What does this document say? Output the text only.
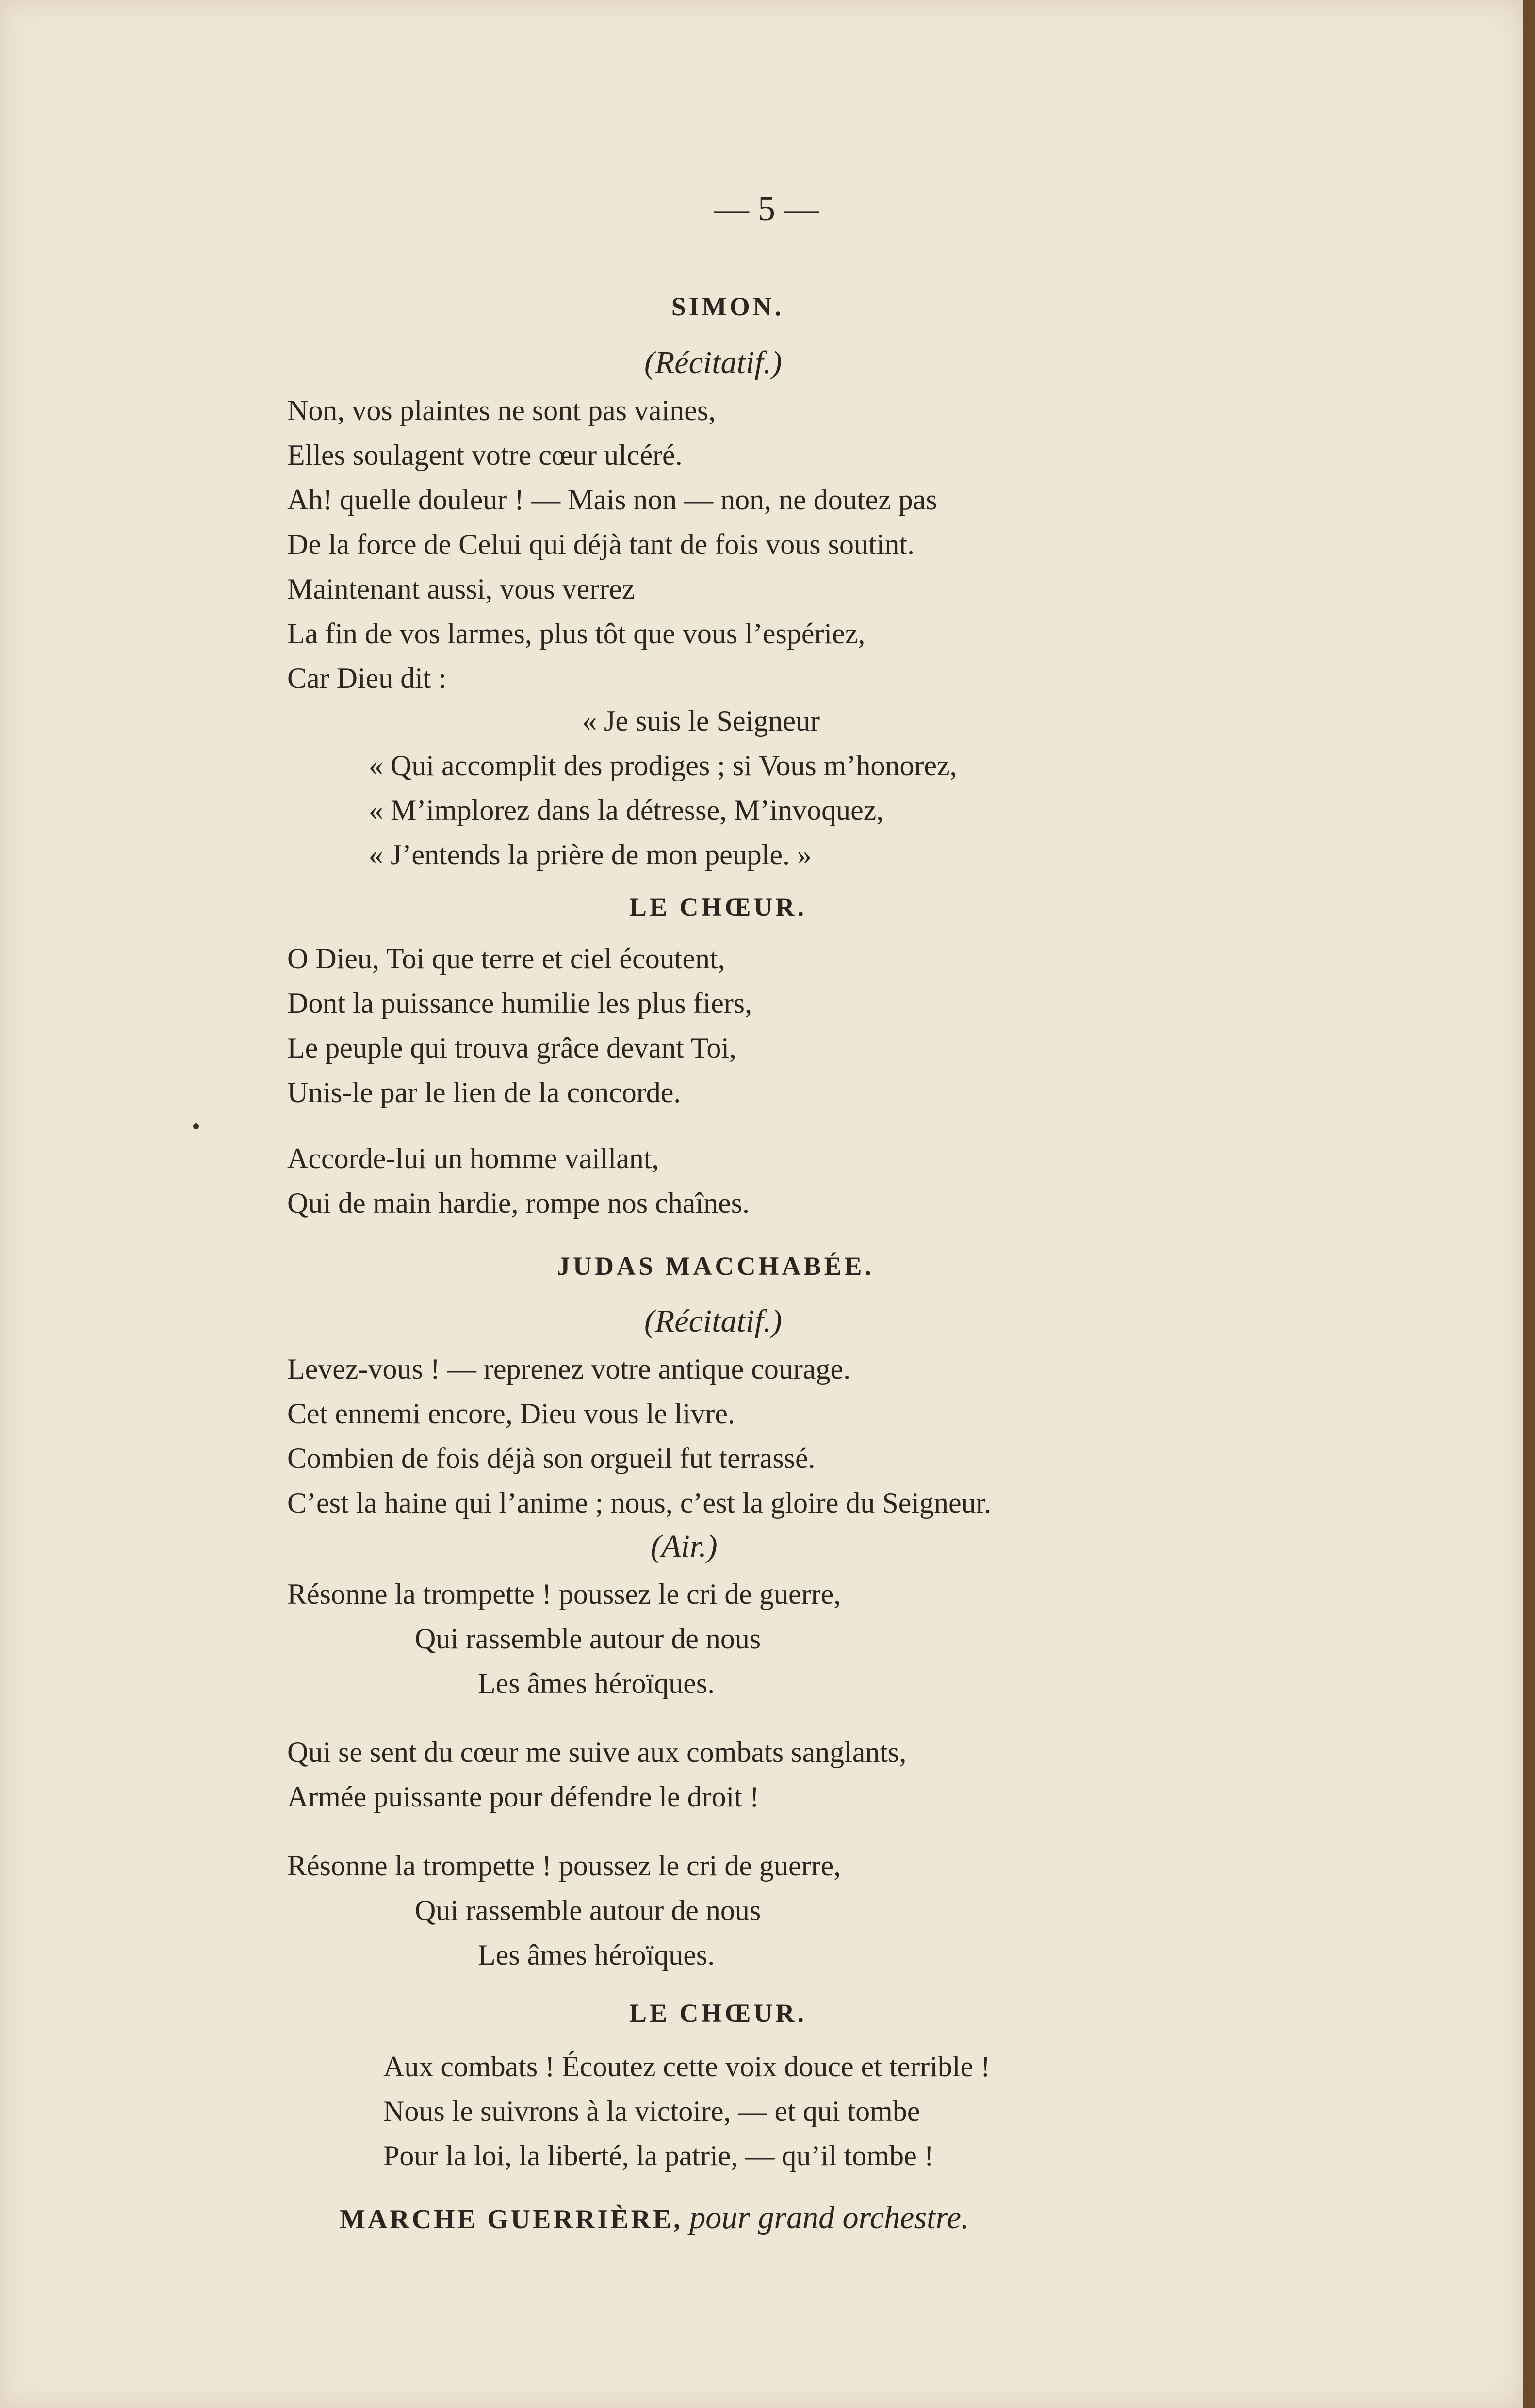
— 5 —
SIMON.
(Récitatif.)
Non, vos plaintes ne sont pas vaines,
Elles soulagent votre cœur ulcéré.
Ah! quelle douleur ! — Mais non — non, ne doutez pas
De la force de Celui qui déjà tant de fois vous soutint.
Maintenant aussi, vous verrez
La fin de vos larmes, plus tôt que vous l’espériez,
Car Dieu dit :
« Je suis le Seigneur
« Qui accomplit des prodiges ; si Vous m’honorez,
« M’implorez dans la détresse, M’invoquez,
« J’entends la prière de mon peuple. »
LE CHŒUR.
O Dieu, Toi que terre et ciel écoutent,
Dont la puissance humilie les plus fiers,
Le peuple qui trouva grâce devant Toi,
Unis-le par le lien de la concorde.
Accorde-lui un homme vaillant,
Qui de main hardie, rompe nos chaînes.
JUDAS MACCHABÉE.
(Récitatif.)
Levez-vous ! — reprenez votre antique courage.
Cet ennemi encore, Dieu vous le livre.
Combien de fois déjà son orgueil fut terrassé.
C’est la haine qui l’anime ; nous, c’est la gloire du Seigneur.
(Air.)
Résonne la trompette ! poussez le cri de guerre,
Qui rassemble autour de nous
Les âmes héroïques.
Qui se sent du cœur me suive aux combats sanglants,
Armée puissante pour défendre le droit !
Résonne la trompette ! poussez le cri de guerre,
Qui rassemble autour de nous
Les âmes héroïques.
LE CHŒUR.
Aux combats ! Écoutez cette voix douce et terrible !
Nous le suivrons à la victoire, — et qui tombe
Pour la loi, la liberté, la patrie, — qu’il tombe !
MARCHE GUERRIÈRE, pour grand orchestre.
